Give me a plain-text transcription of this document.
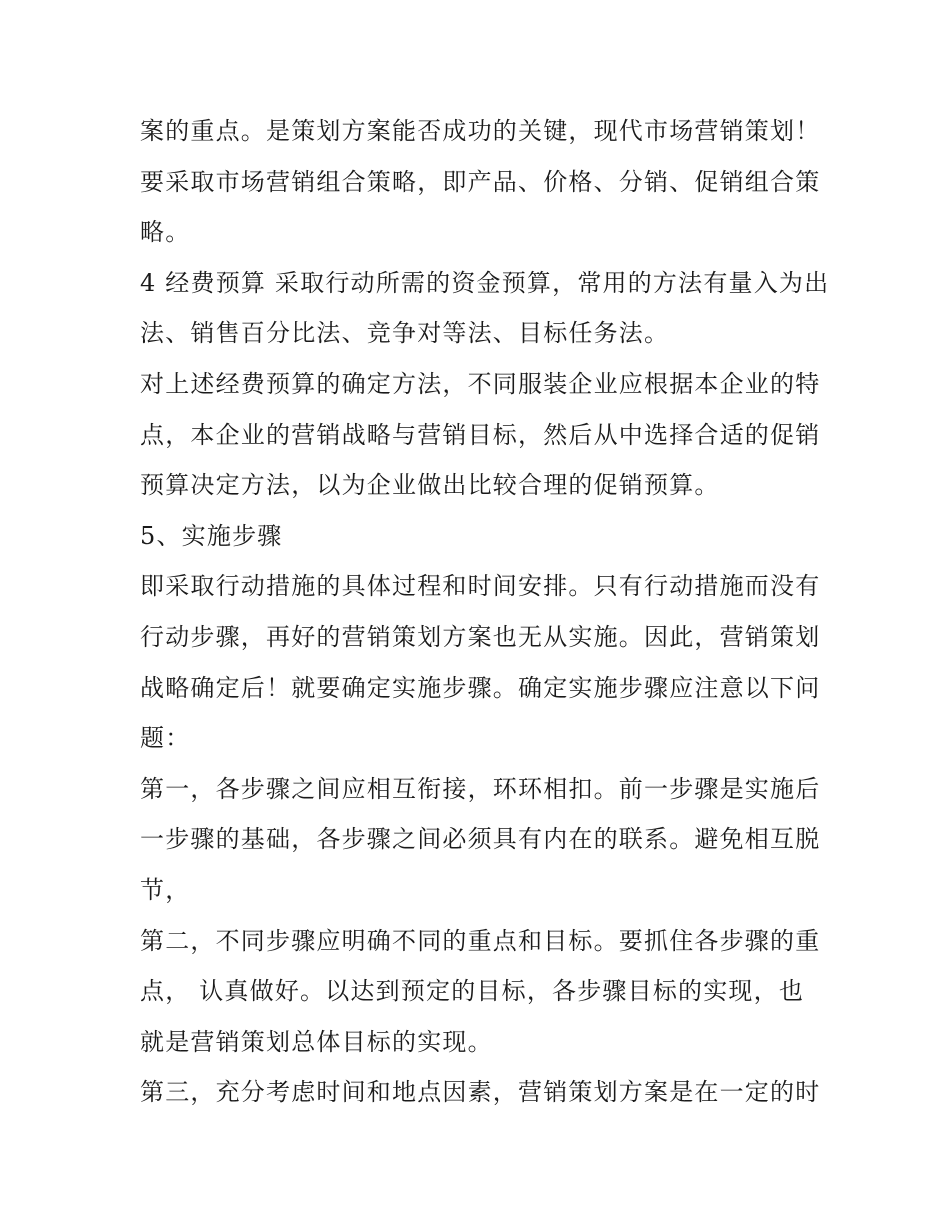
案的重点。是策划方案能否成功的关键，现代市场营销策划！
要采取市场营销组合策略，即产品、价格、分销、促销组合策
略。
4 经费预算 采取行动所需的资金预算，常用的方法有量入为出
法、销售百分比法、竞争对等法、目标任务法。
对上述经费预算的确定方法，不同服装企业应根据本企业的特
点，本企业的营销战略与营销目标，然后从中选择合适的促销
预算决定方法，以为企业做出比较合理的促销预算。
5、实施步骤
即采取行动措施的具体过程和时间安排。只有行动措施而没有
行动步骤，再好的营销策划方案也无从实施。因此，营销策划
战略确定后！就要确定实施步骤。确定实施步骤应注意以下问
题：
第一，各步骤之间应相互衔接，环环相扣。前一步骤是实施后
一步骤的基础，各步骤之间必须具有内在的联系。避免相互脱
节，
第二，不同步骤应明确不同的重点和目标。要抓住各步骤的重
点， 认真做好。以达到预定的目标，各步骤目标的实现，也
就是营销策划总体目标的实现。
第三，充分考虑时间和地点因素，营销策划方案是在一定的时
